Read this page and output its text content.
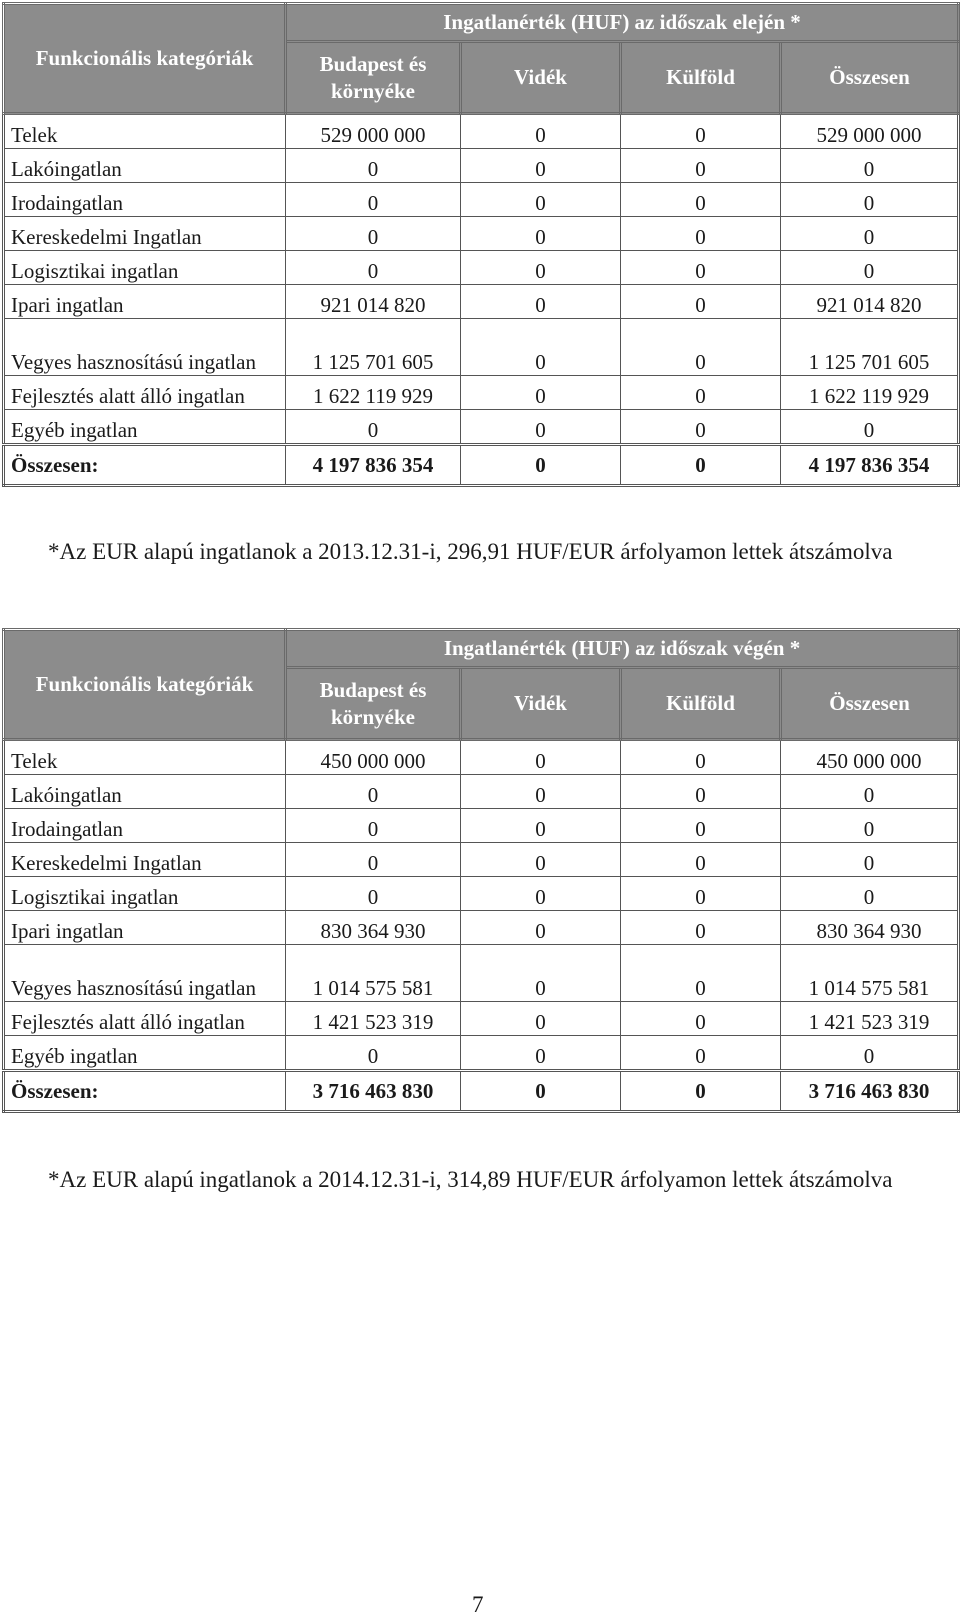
Funkcionális kategóriák	Ingatlanérték (HUF) az időszak elején *			
	Budapest és környéke	Vidék	Külföld	Összesen
Telek	529 000 000	0	0	529 000 000
Lakóingatlan	0	0	0	0
Irodaingatlan	0	0	0	0
Kereskedelmi Ingatlan	0	0	0	0
Logisztikai ingatlan	0	0	0	0
Ipari ingatlan	921 014 820	0	0	921 014 820
Vegyes hasznosítású ingatlan	1 125 701 605	0	0	1 125 701 605
Fejlesztés alatt álló ingatlan	1 622 119 929	0	0	1 622 119 929
Egyéb ingatlan	0	0	0	0
Összesen:	4 197 836 354	0	0	4 197 836 354
*Az EUR alapú ingatlanok a 2013.12.31-i, 296,91 HUF/EUR árfolyamon lettek átszámolva
Funkcionális kategóriák	Ingatlanérték (HUF) az időszak végén *			
	Budapest és környéke	Vidék	Külföld	Összesen
Telek	450 000 000	0	0	450 000 000
Lakóingatlan	0	0	0	0
Irodaingatlan	0	0	0	0
Kereskedelmi Ingatlan	0	0	0	0
Logisztikai ingatlan	0	0	0	0
Ipari ingatlan	830 364 930	0	0	830 364 930
Vegyes hasznosítású ingatlan	1 014 575 581	0	0	1 014 575 581
Fejlesztés alatt álló ingatlan	1 421 523 319	0	0	1 421 523 319
Egyéb ingatlan	0	0	0	0
Összesen:	3 716 463 830	0	0	3 716 463 830
*Az EUR alapú ingatlanok a 2014.12.31-i, 314,89 HUF/EUR árfolyamon lettek átszámolva
7
